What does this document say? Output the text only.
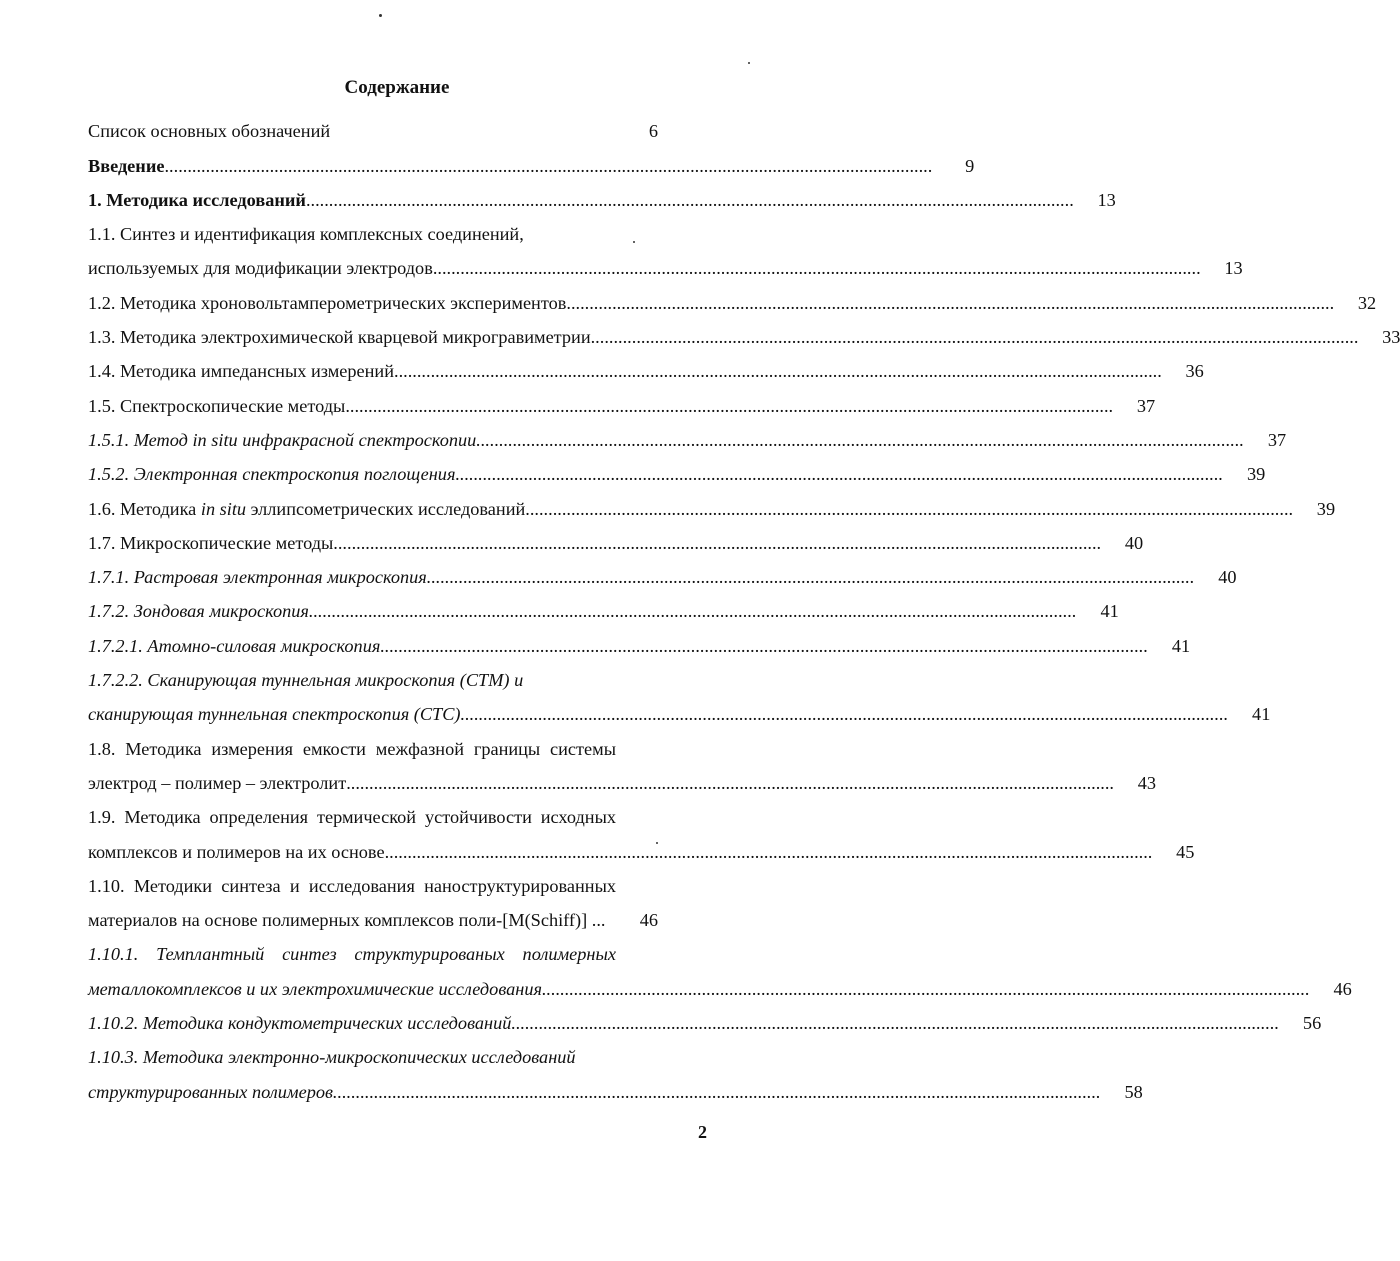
Содержание
Список основных обозначений	6
Введение .....	9
1. Методика исследований .....	13
1.1. Синтез и идентификация комплексных соединений,
используемых для модификации электродов .....	13
1.2. Методика хроновольтамперометрических экспериментов .....	32
1.3. Методика электрохимической кварцевой микрогравиметрии .....	33
1.4. Методика импедансных измерений .....	36
1.5. Спектроскопические методы .....	37
1.5.1. Метод in situ инфракрасной спектроскопии .....	37
1.5.2. Электронная спектроскопия поглощения .....	39
1.6. Методика in situ эллипсометрических исследований .....	39
1.7. Микроскопические методы .....	40
1.7.1. Растровая электронная микроскопия .....	40
1.7.2. Зондовая микроскопия .....	41
1.7.2.1. Атомно-силовая микроскопия .....	41
1.7.2.2. Сканирующая туннельная микроскопия (СТМ) и
сканирующая туннельная спектроскопия (СТС) .....	41
1.8. Методика измерения емкости межфазной границы системы
электрод – полимер – электролит .....	43
1.9. Методика определения термической устойчивости исходных
комплексов и полимеров на их основе .....	45
1.10. Методики синтеза и исследования наноструктурированных
материалов на основе полимерных комплексов поли-[M(Schiff)] ...	46
1.10.1. Темплантный синтез структурированых полимерных
металлокомплексов и их электрохимические исследования .....	46
1.10.2. Методика кондуктометрических исследований .....	56
1.10.3. Методика электронно-микроскопических исследований
структурированных полимеров .....	58
2
